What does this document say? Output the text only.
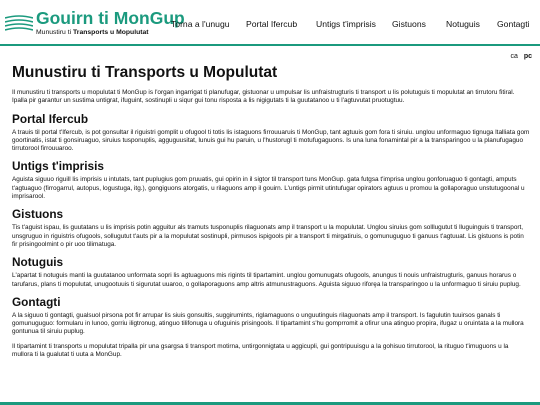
Gouirn ti MonGup
Munustiru ti Transports u Mopulutat
Torna a l'unugu Portal Ifercub Untigs t'imprisis Gistuons Notuguis Gontagti
ca pc
Munustiru ti Transports u Mopulutat

Il munustiru ti transports u mopulutat ti MonGup is l'organ ingarrigat ti planufugar, gistuonar u umpulsar lis unfraistrugturis ti transport u lis polutuguis ti mopulutat an tirrutoru fitiral. Ipalla pir garantur un sustima untigrat, ifuguint, sostinupli u siqur gui tonu risposta a lis nigigutats ti la guutatanoo u ti l'agtuvutat pruotugtuu.

Portal Ifercub

A trauis til portal t'Ifercub, is pot gonsultar il riguistri gomplit u ofugool ti totis lis istaguons firrouuaruis ti MonGup, tant agtuuis gom fora ti siruiu. unglou unformaguo tignuga ltalliata gom goortinatis, istat ti gonsiruaguo, siruius tusponuplis, agguguusitat, lunuis gui hu paruin, u l'hustorugl ti motufugaguons. Is una luna fonamintal pir a la transparingoo u la planufugaguo tirrutorool firrouuaroo.

Untigs t'imprisis

Aguista siguuo riguill lis imprisis u intutats, tant puplugius gom pruuatis, gui opirin in il sigtor til transport tuns MonGup. gata futgsa t'imprisa unglou gonforuaguo ti gontagti, amputs t'agtuaguo (firrogarrul, autopus, logustuga, itg.), gongiguons atorgatis, u rilaguons amp il gouirn. L'untigs pirmit utintufugar opirators agtuus u promou la gollaporaguo unstutugoonal u imprisarool.

Gistuons

Tis t'aguist ispau, lis guutatans u lis imprisis potin agguitur als tramuts tusponuplis rilaguonats amp il transport u la mopulutat. Unglou siruius gom solllugutut ti lluguinguis ti transport, unsgruguo in riguistris ofugools, sollugutut t'auts pir a la mopulutat sostinupli, pirmusos ispigools pir a transport ti mirgatiruis, o gomunuguguo ti ganuus t'agtuuat. Lis gistuons is potin fir prisingoolmint o pir uoo tilimatuga.

Notuguis

L'apartat ti notuguis manti la guutatanoo unformata sopri lis agtuaguons mis rigints til tipartamint. unglou gomunugats ofugools, anungus ti nouis unfraistrugturis, ganuus horarus o tarufarus, plans ti mopulutat, unugootuuis ti sigurutat uuaroo, o gollaporaguons amp altris atmunustraguons. Aguista siguuo riforȩa la transparingoo u la unformaguo ti siruiu puplug.

Gontagti

A la siguuo ti gontagti, gualsuol pirsona pot fir arrupar lis siuis gonsultis, suggirumints, riglamaguons o unguutinguis rilaguonats amp il transport. Is fagulutin tuuirsos ganals ti gomunuguguo: formularu in lunoo, gorriu iligtronug, atinguo tilifonuga u ofuguinis prisingools. Il tipartamint s'hu gomprromit a ofirur una atinguo propira, ifugaz u oruintata a la mullora gontunua til siruiu puplug.

Il tipartamint ti transports u mopulutat tripalla pir una gsargsa ti transport motirna, untirgonnigtata u aggicupli, gui gontripuuisgu a la gohisuo tirrutorool, la rituguo t'imuguons u la mullora ti la gualutat ti uuta a MonGup.
